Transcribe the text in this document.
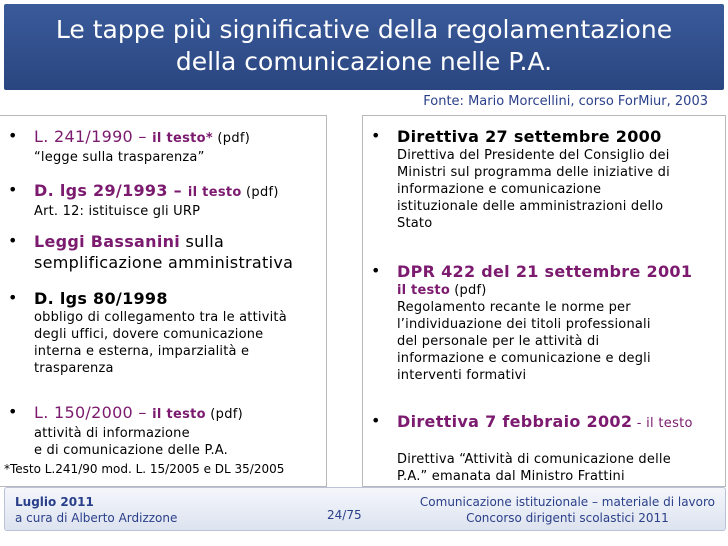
Le tappe più significative della regolamentazione
della comunicazione nelle P.A.
Fonte: Mario Morcellini, corso ForMiur, 2003
• L. 241/1990 – il testo* (pdf)
“legge sulla trasparenza”
• D. lgs 29/1993 – il testo (pdf)
Art. 12: istituisce gli URP
• Leggi Bassanini sulla
semplificazione amministrativa
• D. lgs 80/1998
obbligo di collegamento tra le attività
degli uffici, dovere comunicazione
interna e esterna, imparzialità e
trasparenza
• L. 150/2000 – il testo (pdf)
attività di informazione
e di comunicazione delle P.A.
*Testo L.241/90 mod. L. 15/2005 e DL 35/2005
• Direttiva 27 settembre 2000
Direttiva del Presidente del Consiglio dei
Ministri sul programma delle iniziative di
informazione e comunicazione
istituzionale delle amministrazioni dello
Stato
• DPR 422 del 21 settembre 2001
il testo (pdf)
Regolamento recante le norme per
l’individuazione dei titoli professionali
del personale per le attività di
informazione e comunicazione e degli
interventi formativi
• Direttiva 7 febbraio 2002 - il testo
Direttiva “Attività di comunicazione delle
P.A.” emanata dal Ministro Frattini
Luglio 2011
a cura di Alberto Ardizzone	24/75
Comunicazione istituzionale – materiale di lavoro
Concorso dirigenti scolastici 2011
